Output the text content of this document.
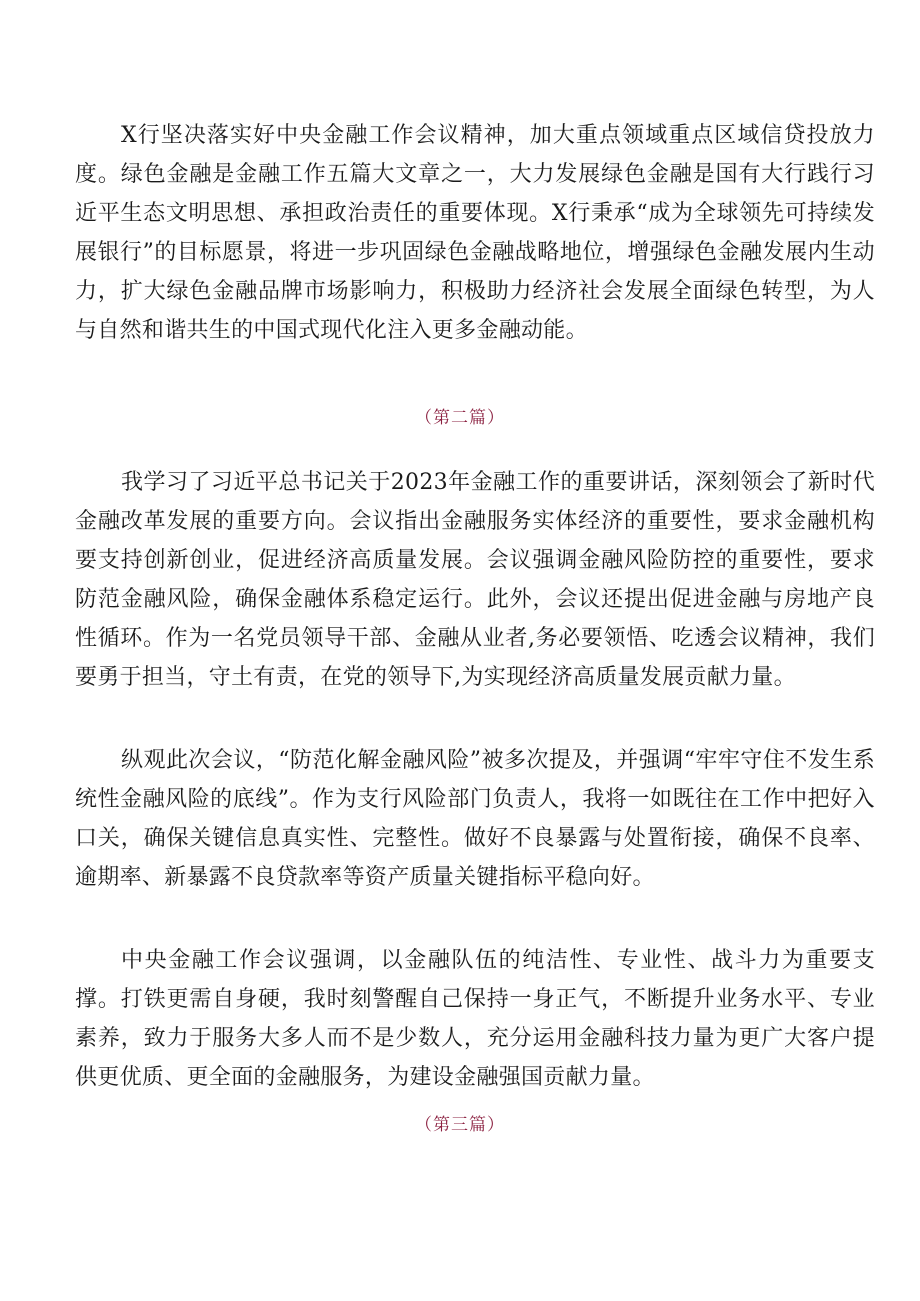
X行坚决落实好中央金融工作会议精神，加大重点领域重点区域信贷投放力度。绿色金融是金融工作五篇大文章之一，大力发展绿色金融是国有大行践行习近平生态文明思想、承担政治责任的重要体现。X行秉承“成为全球领先可持续发展银行”的目标愿景，将进一步巩固绿色金融战略地位，增强绿色金融发展内生动力，扩大绿色金融品牌市场影响力，积极助力经济社会发展全面绿色转型，为人与自然和谐共生的中国式现代化注入更多金融动能。

（第二篇）

我学习了习近平总书记关于2023年金融工作的重要讲话，深刻领会了新时代金融改革发展的重要方向。会议指出金融服务实体经济的重要性，要求金融机构要支持创新创业，促进经济高质量发展。会议强调金融风险防控的重要性，要求防范金融风险，确保金融体系稳定运行。此外，会议还提出促进金融与房地产良性循环。作为一名党员领导干部、金融从业者,务必要领悟、吃透会议精神，我们要勇于担当，守土有责，在党的领导下,为实现经济高质量发展贡献力量。

纵观此次会议，“防范化解金融风险”被多次提及，并强调“牢牢守住不发生系统性金融风险的底线”。作为支行风险部门负责人，我将一如既往在工作中把好入口关，确保关键信息真实性、完整性。做好不良暴露与处置衔接，确保不良率、逾期率、新暴露不良贷款率等资产质量关键指标平稳向好。

中央金融工作会议强调，以金融队伍的纯洁性、专业性、战斗力为重要支撑。打铁更需自身硬，我时刻警醒自己保持一身正气，不断提升业务水平、专业素养，致力于服务大多人而不是少数人，充分运用金融科技力量为更广大客户提供更优质、更全面的金融服务，为建设金融强国贡献力量。

（第三篇）
